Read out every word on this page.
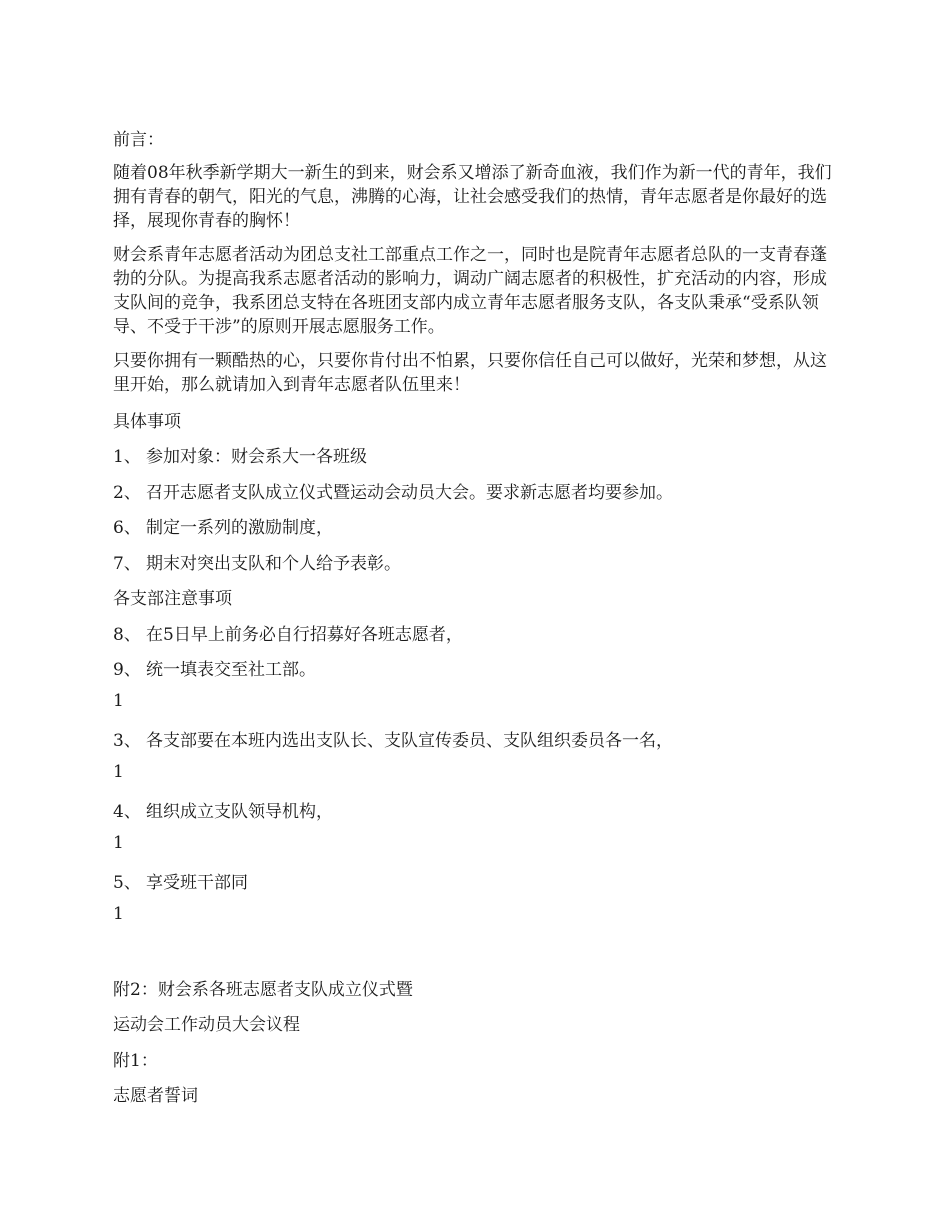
前言：

随着08年秋季新学期大一新生的到来，财会系又增添了新奇血液，我们作为新一代的青年，我们拥有青春的朝气，阳光的气息，沸腾的心海，让社会感受我们的热情，青年志愿者是你最好的选择，展现你青春的胸怀！

财会系青年志愿者活动为团总支社工部重点工作之一，同时也是院青年志愿者总队的一支青春蓬勃的分队。为提高我系志愿者活动的影响力，调动广阔志愿者的积极性，扩充活动的内容，形成支队间的竞争，我系团总支特在各班团支部内成立青年志愿者服务支队，各支队秉承“受系队领导、不受于干涉”的原则开展志愿服务工作。

只要你拥有一颗酷热的心，只要你肯付出不怕累，只要你信任自己可以做好，光荣和梦想，从这里开始，那么就请加入到青年志愿者队伍里来！

具体事项
1、 参加对象：财会系大一各班级
2、 召开志愿者支队成立仪式暨运动会动员大会。要求新志愿者均要参加。
6、 制定一系列的激励制度，
7、 期末对突出支队和个人给予表彰。
各支部注意事项
8、 在5日早上前务必自行招募好各班志愿者，
9、 统一填表交至社工部。
1
3、 各支部要在本班内选出支队长、支队宣传委员、支队组织委员各一名，
1
4、 组织成立支队领导机构，
1
5、 享受班干部同
1
附2：财会系各班志愿者支队成立仪式暨
运动会工作动员大会议程
附1：
志愿者誓词
